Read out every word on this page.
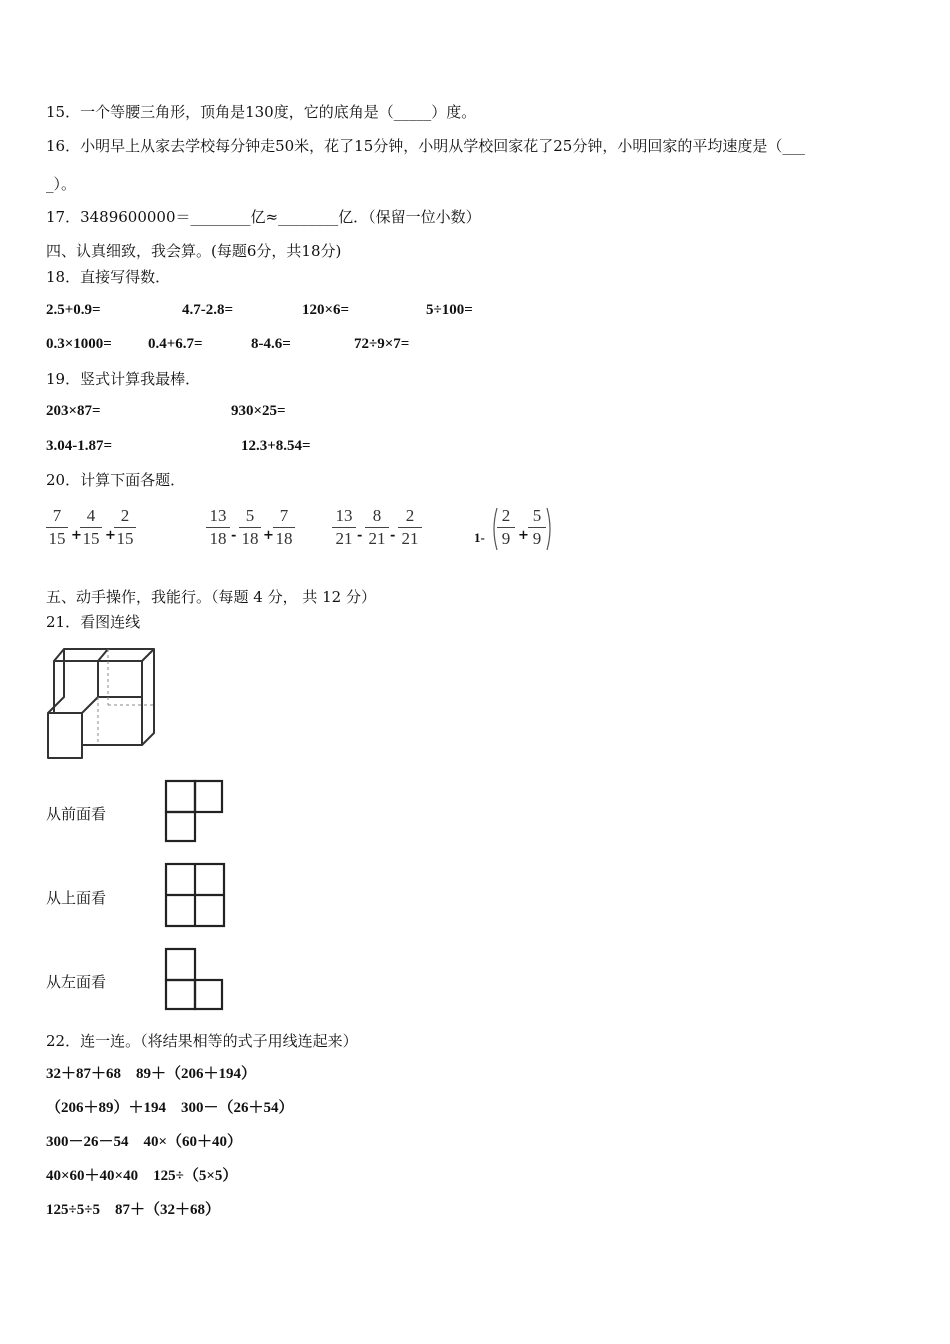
15．一个等腰三角形，顶角是130度，它的底角是（_____）度。
16．小明早上从家去学校每分钟走50米，花了15分钟，小明从学校回家花了25分钟，小明回家的平均速度是（___
_）。
17．3489600000＝________亿≈________亿．（保留一位小数）
四、认真细致，我会算。(每题6分，共18分)
18．直接写得数．
2.5+0.9=	4.7-2.8=	120×6=	5÷100=
0.3×1000= 0.4+6.7=	8-4.6=	72÷9×7=
19．竖式计算我最棒．
203×87=	930×25=
3.04-1.87=	12.3+8.54=
20．计算下面各题．
7
15 +
4
15 +
2
15
13
18 -
5
18 +
7
18
13
21 -
8
21 -
2
21	1-
2
9 +
5
9
五、动手操作，我能行。（每题 4 分， 共 12 分）
21．看图连线
从前面看
从上面看
从左面看
22．连一连。（将结果相等的式子用线连起来）
32＋87＋68　89＋（206＋194）
（206＋89）＋194　300－（26＋54）
300－26－54　40×（60＋40）
40×60＋40×40　125÷（5×5）
125÷5÷5　87＋（32＋68）
